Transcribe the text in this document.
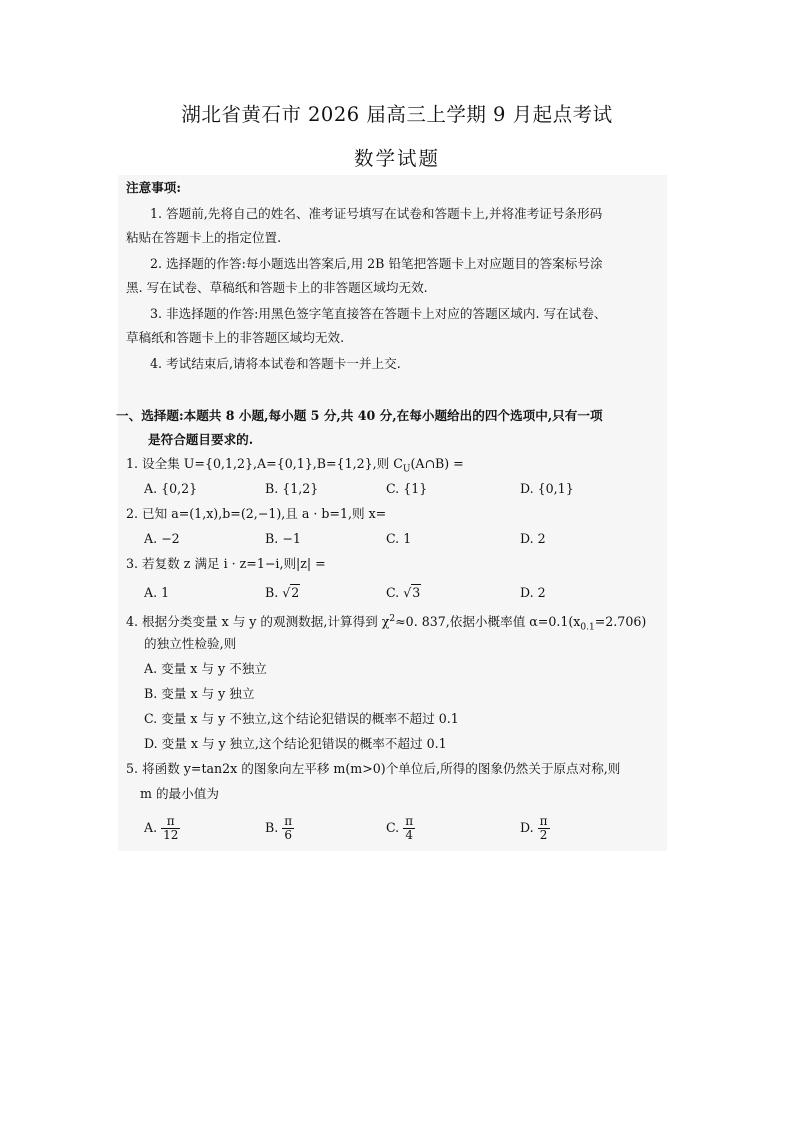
湖北省黄石市 2026 届高三上学期 9 月起点考试
数学试题
注意事项:
1. 答题前,先将自己的姓名、准考证号填写在试卷和答题卡上,并将准考证号条形码
粘贴在答题卡上的指定位置.
2. 选择题的作答:每小题选出答案后,用 2B 铅笔把答题卡上对应题目的答案标号涂
黑. 写在试卷、草稿纸和答题卡上的非答题区域均无效.
3. 非选择题的作答:用黑色签字笔直接答在答题卡上对应的答题区域内. 写在试卷、
草稿纸和答题卡上的非答题区域均无效.
4. 考试结束后,请将本试卷和答题卡一并上交.
一、选择题:本题共 8 小题,每小题 5 分,共 40 分,在每小题给出的四个选项中,只有一项
是符合题目要求的.
1. 设全集 U={0,1,2},A={0,1},B={1,2},则 $C_U(A\cap B)$ =
A. {0,2}	B. {1,2}	C. {1}	D. {0,1}
2. 已知 a=(1,x),b=(2,−1),且 a · b=1,则 x=
A. −2	B. −1	C. 1	D. 2
3. 若复数 z 满足 i · z=1−i,则|z| =
A. 1	B. √2	C. √3	D. 2
4. 根据分类变量 x 与 y 的观测数据,计算得到 $\chi^2\approx 0$. 837,依据小概率值 $\alpha=0.1(x_{0.1}=2.706)$
的独立性检验,则
A. 变量 x 与 y 不独立
B. 变量 x 与 y 独立
C. 变量 x 与 y 不独立,这个结论犯错误的概率不超过 0.1
D. 变量 x 与 y 独立,这个结论犯错误的概率不超过 0.1
5. 将函数 y=tan2x 的图象向左平移 m(m>0)个单位后,所得的图象仍然关于原点对称,则
m 的最小值为
A. $\frac{\pi}{12}$	B. $\frac{\pi}{6}$	C. $\frac{\pi}{4}$	D. $\frac{\pi}{2}$
